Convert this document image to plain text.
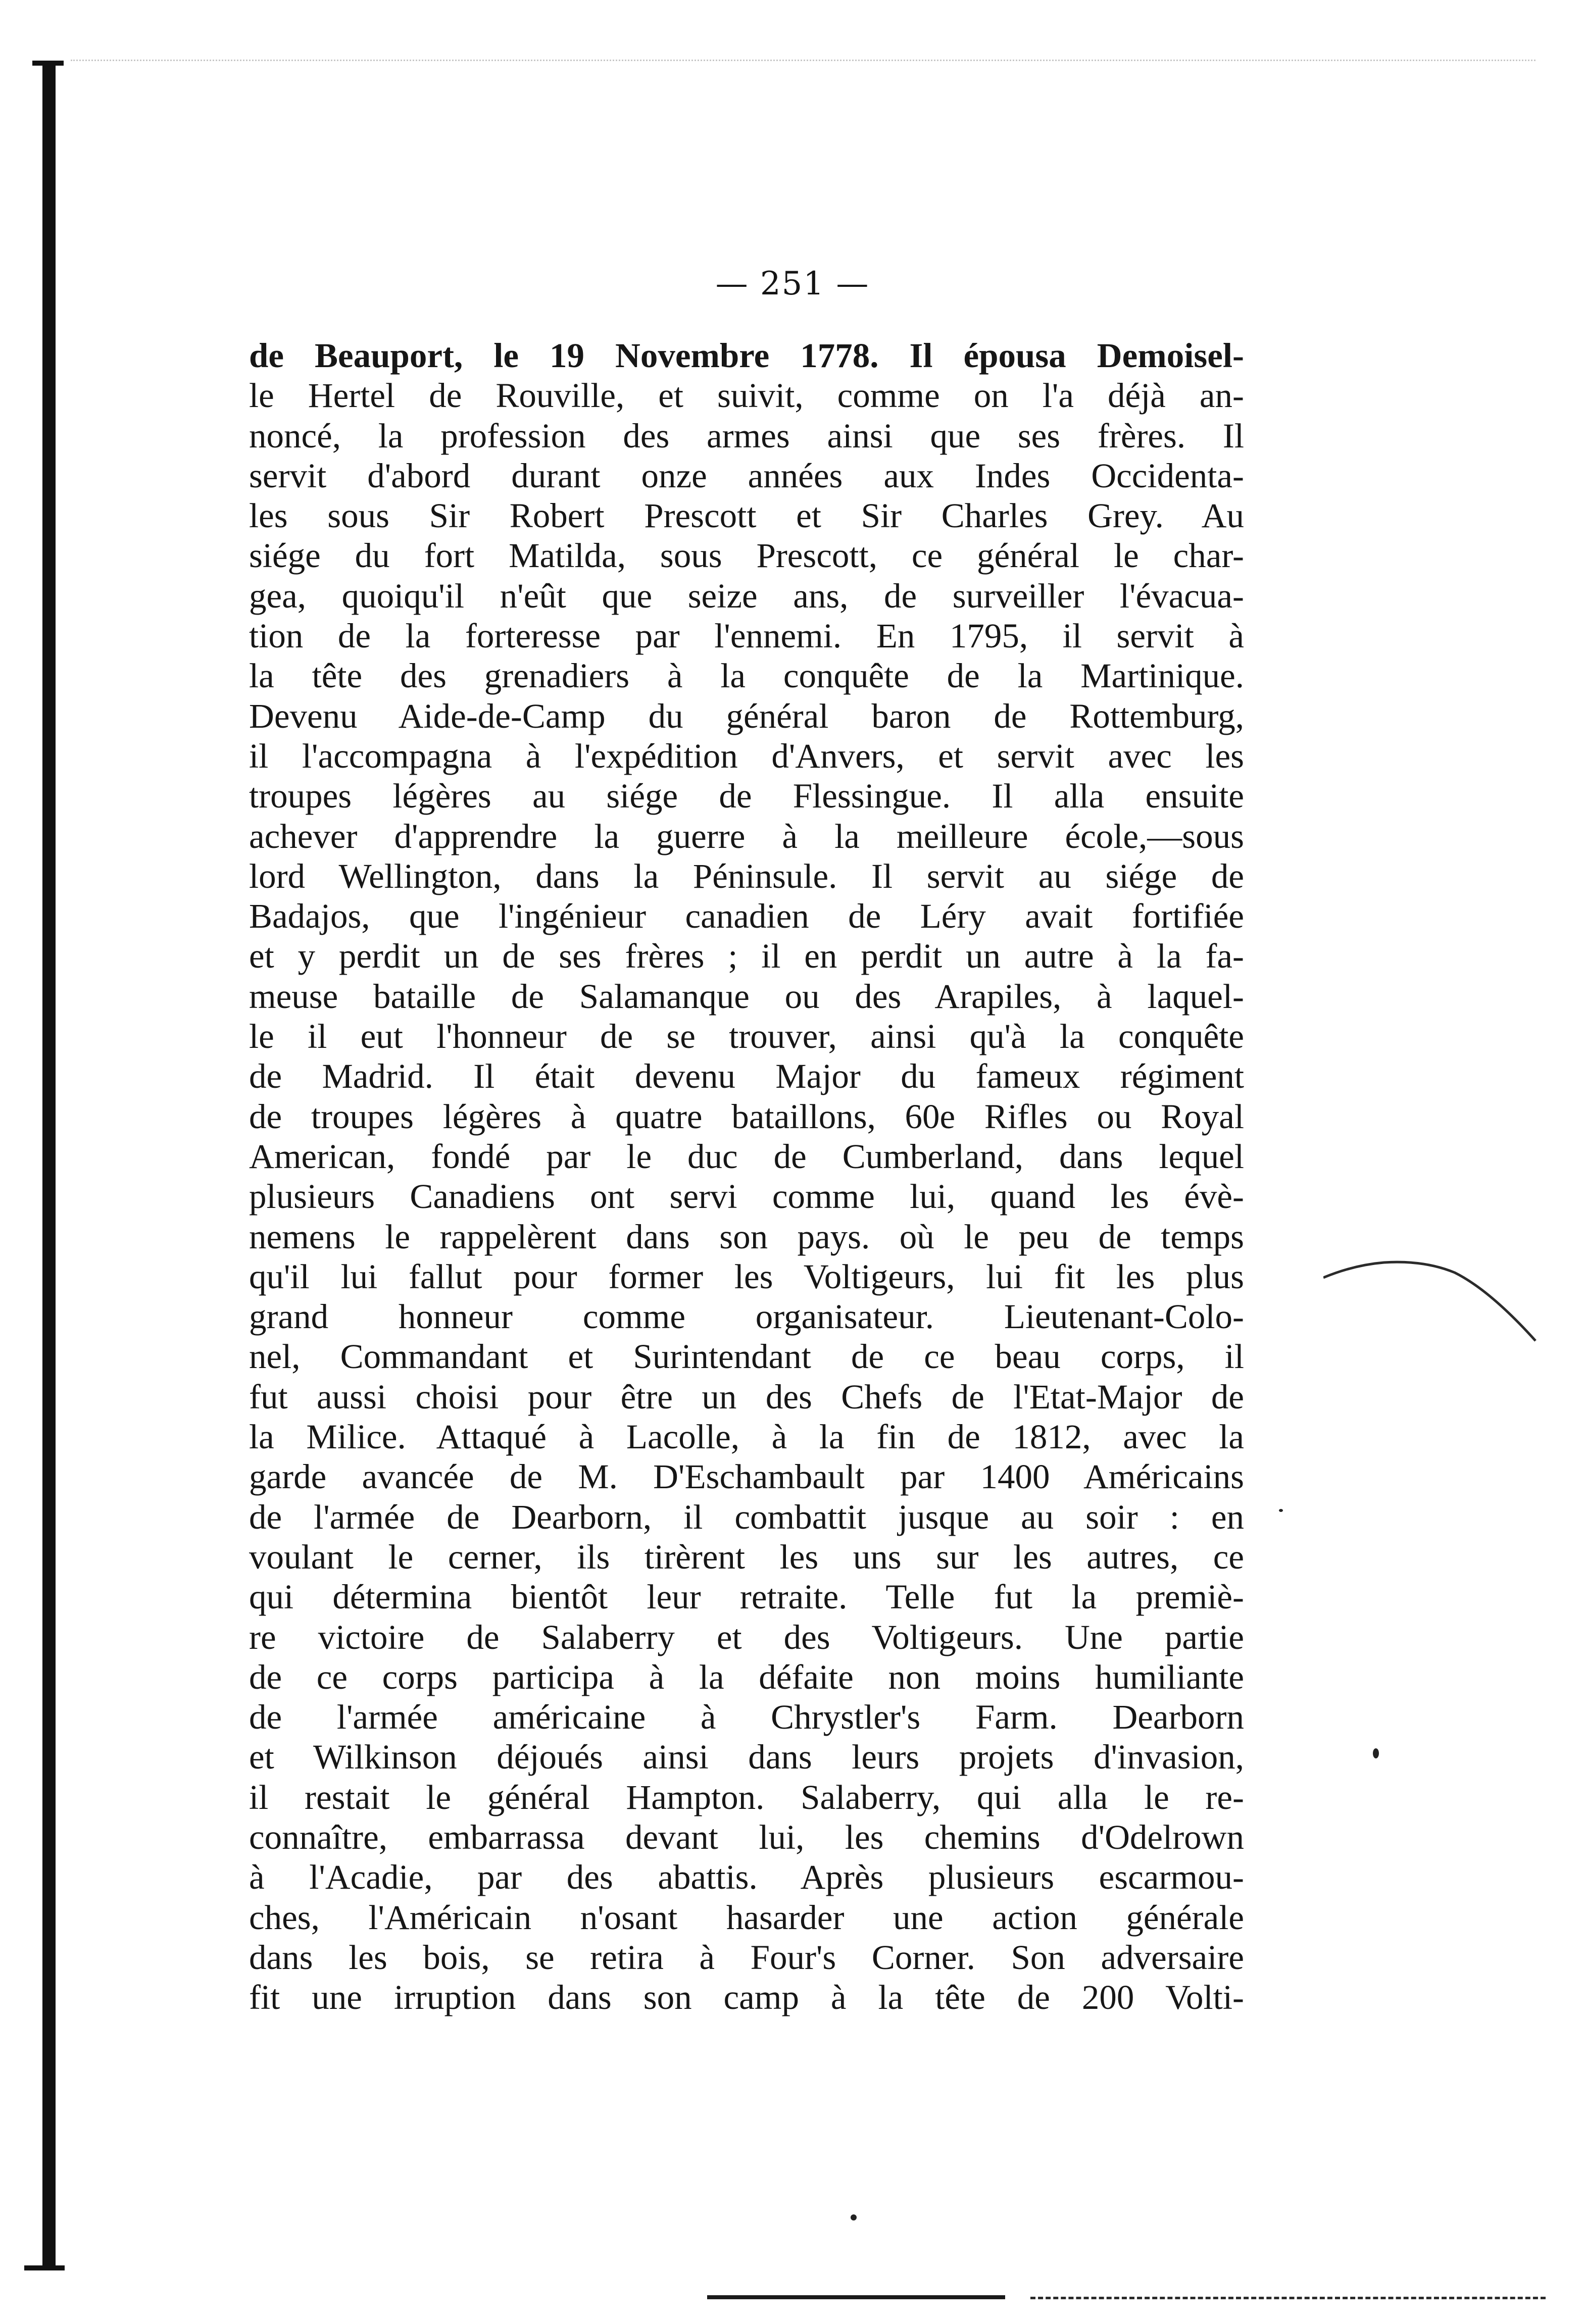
— 251 —
de Beauport, le 19 Novembre 1778. Il épousa Demoisel-
le Hertel de Rouville, et suivit, comme on l'a déjà an-
noncé, la profession des armes ainsi que ses frères. Il
servit d'abord durant onze années aux Indes Occidenta-
les sous Sir Robert Prescott et Sir Charles Grey. Au
siége du fort Matilda, sous Prescott, ce général le char-
gea, quoiqu'il n'eût que seize ans, de surveiller l'évacua-
tion de la forteresse par l'ennemi. En 1795, il servit à
la tête des grenadiers à la conquête de la Martinique.
Devenu Aide-de-Camp du général baron de Rottemburg,
il l'accompagna à l'expédition d'Anvers, et servit avec les
troupes légères au siége de Flessingue. Il alla ensuite
achever d'apprendre la guerre à la meilleure école,—sous
lord Wellington, dans la Péninsule. Il servit au siége de
Badajos, que l'ingénieur canadien de Léry avait fortifiée
et y perdit un de ses frères ; il en perdit un autre à la fa-
meuse bataille de Salamanque ou des Arapiles, à laquel-
le il eut l'honneur de se trouver, ainsi qu'à la conquête
de Madrid. Il était devenu Major du fameux régiment
de troupes légères à quatre bataillons, 60e Rifles ou Royal
American, fondé par le duc de Cumberland, dans lequel
plusieurs Canadiens ont servi comme lui, quand les évè-
nemens le rappelèrent dans son pays. où le peu de temps
qu'il lui fallut pour former les Voltigeurs, lui fit les plus
grand honneur comme organisateur. Lieutenant-Colo-
nel, Commandant et Surintendant de ce beau corps, il
fut aussi choisi pour être un des Chefs de l'Etat-Major de
la Milice. Attaqué à Lacolle, à la fin de 1812, avec la
garde avancée de M. D'Eschambault par 1400 Américains
de l'armée de Dearborn, il combattit jusque au soir : en
voulant le cerner, ils tirèrent les uns sur les autres, ce
qui détermina bientôt leur retraite. Telle fut la premiè-
re victoire de Salaberry et des Voltigeurs. Une partie
de ce corps participa à la défaite non moins humiliante
de l'armée américaine à Chrystler's Farm. Dearborn
et Wilkinson déjoués ainsi dans leurs projets d'invasion,
il restait le général Hampton. Salaberry, qui alla le re-
connaître, embarrassa devant lui, les chemins d'Odelrown
à l'Acadie, par des abattis. Après plusieurs escarmou-
ches, l'Américain n'osant hasarder une action générale
dans les bois, se retira à Four's Corner. Son adversaire
fit une irruption dans son camp à la tête de 200 Volti-
